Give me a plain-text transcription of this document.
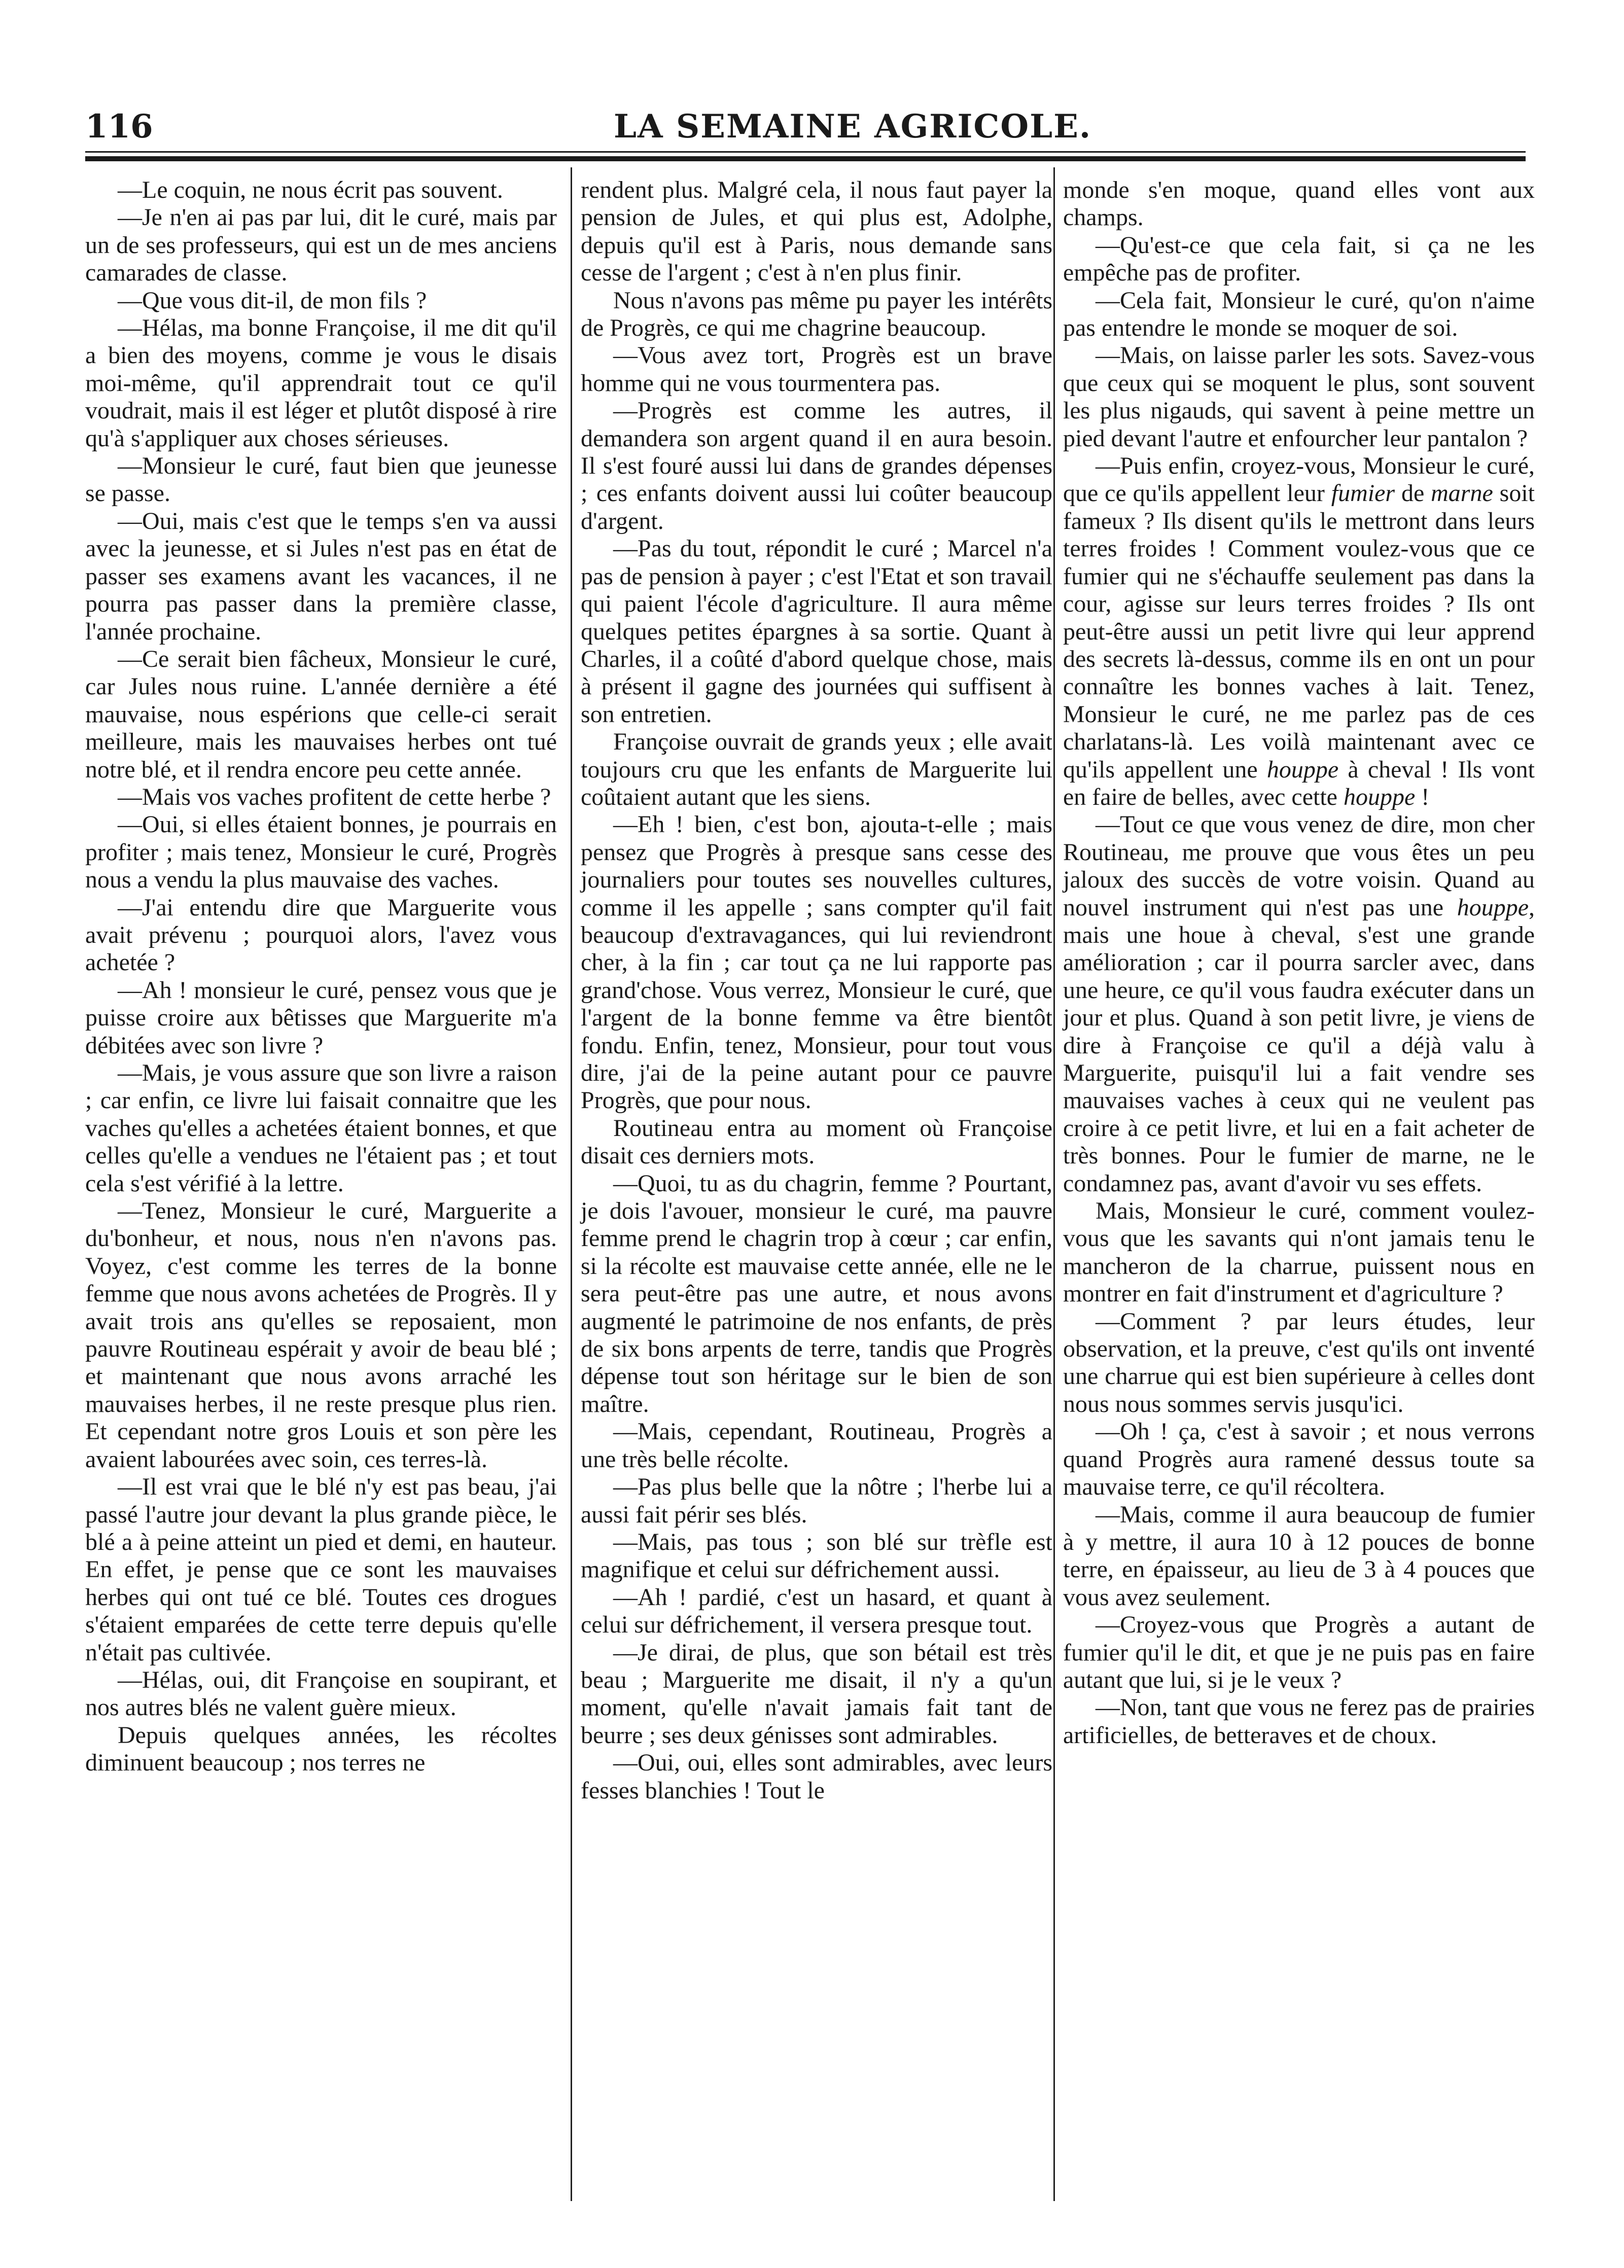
116	LA SEMAINE AGRICOLE.

—Le coquin, ne nous écrit pas souvent.

—Je n'en ai pas par lui, dit le curé, mais par un de ses professeurs, qui est un de mes anciens camarades de classe.

—Que vous dit-il, de mon fils ?

—Hélas, ma bonne Françoise, il me dit qu'il a bien des moyens, comme je vous le disais moi-même, qu'il apprendrait tout ce qu'il voudrait, mais il est léger et plutôt disposé à rire qu'à s'appliquer aux choses sérieuses.

—Monsieur le curé, faut bien que jeunesse se passe.

—Oui, mais c'est que le temps s'en va aussi avec la jeunesse, et si Jules n'est pas en état de passer ses examens avant les vacances, il ne pourra pas passer dans la première classe, l'année prochaine.

—Ce serait bien fâcheux, Monsieur le curé, car Jules nous ruine. L'année dernière a été mauvaise, nous espérions que celle-ci serait meilleure, mais les mauvaises herbes ont tué notre blé, et il rendra encore peu cette année.

—Mais vos vaches profitent de cette herbe ?

—Oui, si elles étaient bonnes, je pourrais en profiter ; mais tenez, Monsieur le curé, Progrès nous a vendu la plus mauvaise des vaches.

—J'ai entendu dire que Marguerite vous avait prévenu ; pourquoi alors, l'avez vous achetée ?

—Ah ! monsieur le curé, pensez vous que je puisse croire aux bêtisses que Marguerite m'a débitées avec son livre ?

—Mais, je vous assure que son livre a raison ; car enfin, ce livre lui faisait connaitre que les vaches qu'elles a achetées étaient bonnes, et que celles qu'elle a vendues ne l'étaient pas ; et tout cela s'est vérifié à la lettre.

—Tenez, Monsieur le curé, Marguerite a du'bonheur, et nous, nous n'en n'avons pas. Voyez, c'est comme les terres de la bonne femme que nous avons achetées de Progrès. Il y avait trois ans qu'elles se reposaient, mon pauvre Routineau espérait y avoir de beau blé ; et maintenant que nous avons arraché les mauvaises herbes, il ne reste presque plus rien. Et cependant notre gros Louis et son père les avaient labourées avec soin, ces terres-là.

—Il est vrai que le blé n'y est pas beau, j'ai passé l'autre jour devant la plus grande pièce, le blé a à peine atteint un pied et demi, en hauteur. En effet, je pense que ce sont les mauvaises herbes qui ont tué ce blé. Toutes ces drogues s'étaient emparées de cette terre depuis qu'elle n'était pas cultivée.

—Hélas, oui, dit Françoise en soupirant, et nos autres blés ne valent guère mieux.

Depuis quelques années, les récoltes diminuent beaucoup ; nos terres ne

rendent plus. Malgré cela, il nous faut payer la pension de Jules, et qui plus est, Adolphe, depuis qu'il est à Paris, nous demande sans cesse de l'argent ; c'est à n'en plus finir.

Nous n'avons pas même pu payer les intérêts de Progrès, ce qui me chagrine beaucoup.

—Vous avez tort, Progrès est un brave homme qui ne vous tourmentera pas.

—Progrès est comme les autres, il demandera son argent quand il en aura besoin. Il s'est fouré aussi lui dans de grandes dépenses ; ces enfants doivent aussi lui coûter beaucoup d'argent.

—Pas du tout, répondit le curé ; Marcel n'a pas de pension à payer ; c'est l'Etat et son travail qui paient l'école d'agriculture. Il aura même quelques petites épargnes à sa sortie. Quant à Charles, il a coûté d'abord quelque chose, mais à présent il gagne des journées qui suffisent à son entretien.

Françoise ouvrait de grands yeux ; elle avait toujours cru que les enfants de Marguerite lui coûtaient autant que les siens.

—Eh ! bien, c'est bon, ajouta-t-elle ; mais pensez que Progrès à presque sans cesse des journaliers pour toutes ses nouvelles cultures, comme il les appelle ; sans compter qu'il fait beaucoup d'extravagances, qui lui reviendront cher, à la fin ; car tout ça ne lui rapporte pas grand'chose. Vous verrez, Monsieur le curé, que l'argent de la bonne femme va être bientôt fondu. Enfin, tenez, Monsieur, pour tout vous dire, j'ai de la peine autant pour ce pauvre Progrès, que pour nous.

Routineau entra au moment où Françoise disait ces derniers mots.

—Quoi, tu as du chagrin, femme ? Pourtant, je dois l'avouer, monsieur le curé, ma pauvre femme prend le chagrin trop à cœur ; car enfin, si la récolte est mauvaise cette année, elle ne le sera peut-être pas une autre, et nous avons augmenté le patrimoine de nos enfants, de près de six bons arpents de terre, tandis que Progrès dépense tout son héritage sur le bien de son maître.

—Mais, cependant, Routineau, Progrès a une très belle récolte.

—Pas plus belle que la nôtre ; l'herbe lui a aussi fait périr ses blés.

—Mais, pas tous ; son blé sur trèfle est magnifique et celui sur défrichement aussi.

—Ah ! pardié, c'est un hasard, et quant à celui sur défrichement, il versera presque tout.

—Je dirai, de plus, que son bétail est très beau ; Marguerite me disait, il n'y a qu'un moment, qu'elle n'avait jamais fait tant de beurre ; ses deux génisses sont admirables.

—Oui, oui, elles sont admirables, avec leurs fesses blanchies ! Tout le

monde s'en moque, quand elles vont aux champs.

—Qu'est-ce que cela fait, si ça ne les empêche pas de profiter.

—Cela fait, Monsieur le curé, qu'on n'aime pas entendre le monde se moquer de soi.

—Mais, on laisse parler les sots. Savez-vous que ceux qui se moquent le plus, sont souvent les plus nigauds, qui savent à peine mettre un pied devant l'autre et enfourcher leur pantalon ?

—Puis enfin, croyez-vous, Monsieur le curé, que ce qu'ils appellent leur fumier de marne soit fameux ? Ils disent qu'ils le mettront dans leurs terres froides ! Comment voulez-vous que ce fumier qui ne s'échauffe seulement pas dans la cour, agisse sur leurs terres froides ? Ils ont peut-être aussi un petit livre qui leur apprend des secrets là-dessus, comme ils en ont un pour connaître les bonnes vaches à lait. Tenez, Monsieur le curé, ne me parlez pas de ces charlatans-là. Les voilà maintenant avec ce qu'ils appellent une houppe à cheval ! Ils vont en faire de belles, avec cette houppe !

—Tout ce que vous venez de dire, mon cher Routineau, me prouve que vous êtes un peu jaloux des succès de votre voisin. Quand au nouvel instrument qui n'est pas une houppe, mais une houe à cheval, s'est une grande amélioration ; car il pourra sarcler avec, dans une heure, ce qu'il vous faudra exécuter dans un jour et plus. Quand à son petit livre, je viens de dire à Françoise ce qu'il a déjà valu à Marguerite, puisqu'il lui a fait vendre ses mauvaises vaches à ceux qui ne veulent pas croire à ce petit livre, et lui en a fait acheter de très bonnes. Pour le fumier de marne, ne le condamnez pas, avant d'avoir vu ses effets.

Mais, Monsieur le curé, comment voulez-vous que les savants qui n'ont jamais tenu le mancheron de la charrue, puissent nous en montrer en fait d'instrument et d'agriculture ?

—Comment ? par leurs études, leur observation, et la preuve, c'est qu'ils ont inventé une charrue qui est bien supérieure à celles dont nous nous sommes servis jusqu'ici.

—Oh ! ça, c'est à savoir ; et nous verrons quand Progrès aura ramené dessus toute sa mauvaise terre, ce qu'il récoltera.

—Mais, comme il aura beaucoup de fumier à y mettre, il aura 10 à 12 pouces de bonne terre, en épaisseur, au lieu de 3 à 4 pouces que vous avez seulement.

—Croyez-vous que Progrès a autant de fumier qu'il le dit, et que je ne puis pas en faire autant que lui, si je le veux ?

—Non, tant que vous ne ferez pas de prairies artificielles, de betteraves et de choux.
